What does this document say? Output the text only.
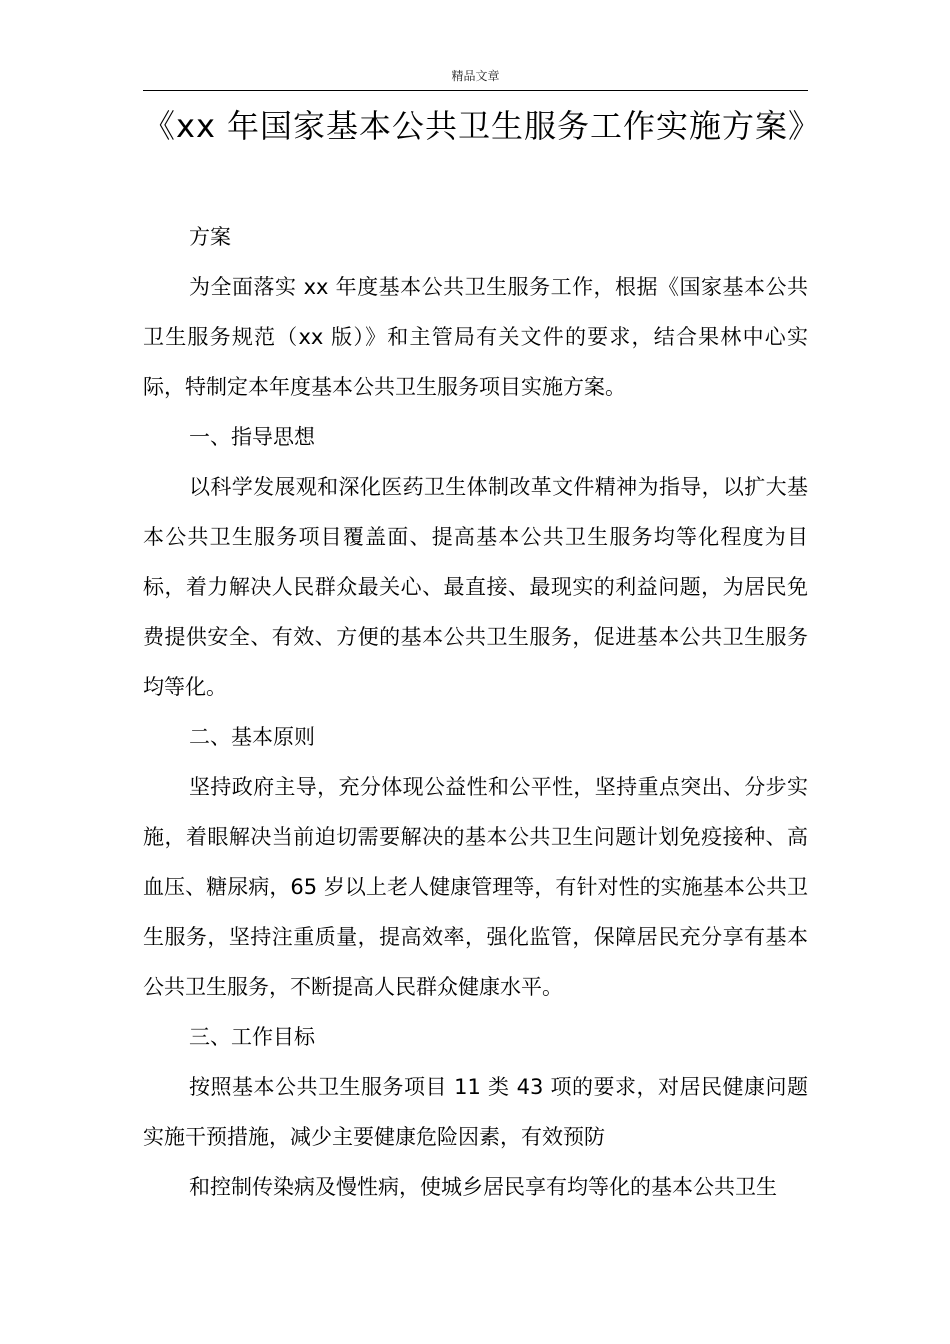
精品文章
《xx 年国家基本公共卫生服务工作实施方案》

方案

为全面落实 xx 年度基本公共卫生服务工作，根据《国家基本公共卫生服务规范（xx 版）》和主管局有关文件的要求，结合果林中心实际，特制定本年度基本公共卫生服务项目实施方案。

一、指导思想

以科学发展观和深化医药卫生体制改革文件精神为指导，以扩大基本公共卫生服务项目覆盖面、提高基本公共卫生服务均等化程度为目标，着力解决人民群众最关心、最直接、最现实的利益问题，为居民免费提供安全、有效、方便的基本公共卫生服务，促进基本公共卫生服务均等化。

二、基本原则

坚持政府主导，充分体现公益性和公平性，坚持重点突出、分步实施，着眼解决当前迫切需要解决的基本公共卫生问题计划免疫接种、高血压、糖尿病，65 岁以上老人健康管理等，有针对性的实施基本公共卫生服务，坚持注重质量，提高效率，强化监管，保障居民充分享有基本公共卫生服务，不断提高人民群众健康水平。

三、工作目标

按照基本公共卫生服务项目 11 类 43 项的要求，对居民健康问题实施干预措施，减少主要健康危险因素，有效预防

和控制传染病及慢性病，使城乡居民享有均等化的基本公共卫生
